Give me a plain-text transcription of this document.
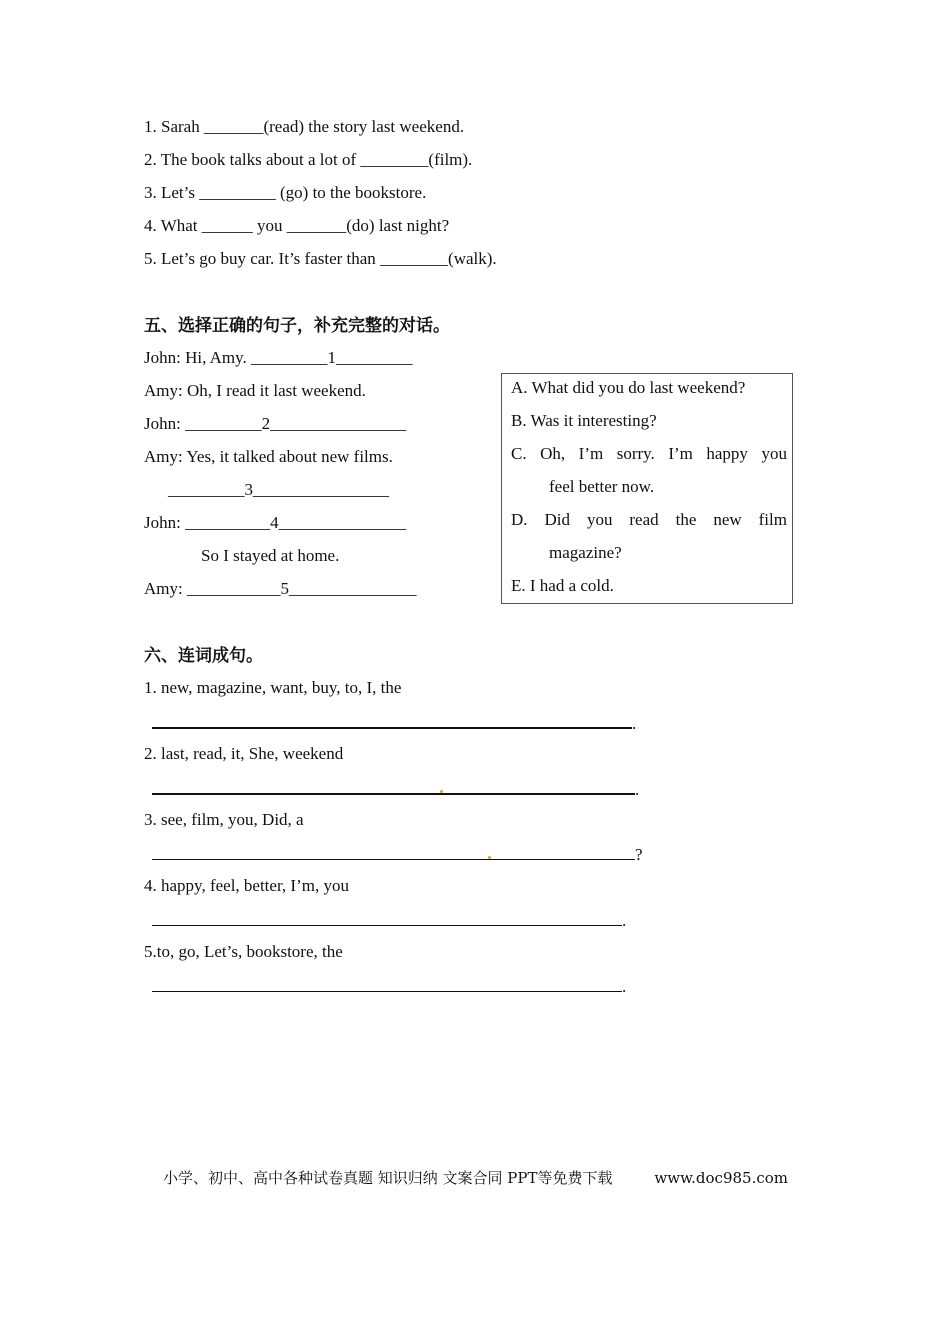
1. Sarah _______(read) the story last weekend.
2. The book talks about a lot of ________(film).
3. Let’s _________ (go) to the bookstore.
4. What ______ you _______(do) last night?
5. Let’s go buy car. It’s faster than ________(walk).
五、选择正确的句子，补充完整的对话。
John: Hi, Amy. _________1_________
Amy: Oh, I read it last weekend.
John: _________2________________
Amy: Yes, it talked about new films.
_________3________________
John: __________4_______________
So I stayed at home.
Amy: ___________5_______________
A. What did you do last weekend?
B. Was it interesting?
C. Oh, I’m sorry. I’m happy you
feel better now.
D. Did you read the new film
magazine?
E. I had a cold.
六、连词成句。
1. new, magazine, want, buy, to, I, the
.
2. last, read, it, She, weekend
.
3. see, film, you, Did, a
?
4. happy, feel, better, I’m, you
.
5.to, go, Let’s, bookstore, the
.
小学、初中、高中各种试卷真题 知识归纳 文案合同 PPT等免费下载	www.doc985.com
